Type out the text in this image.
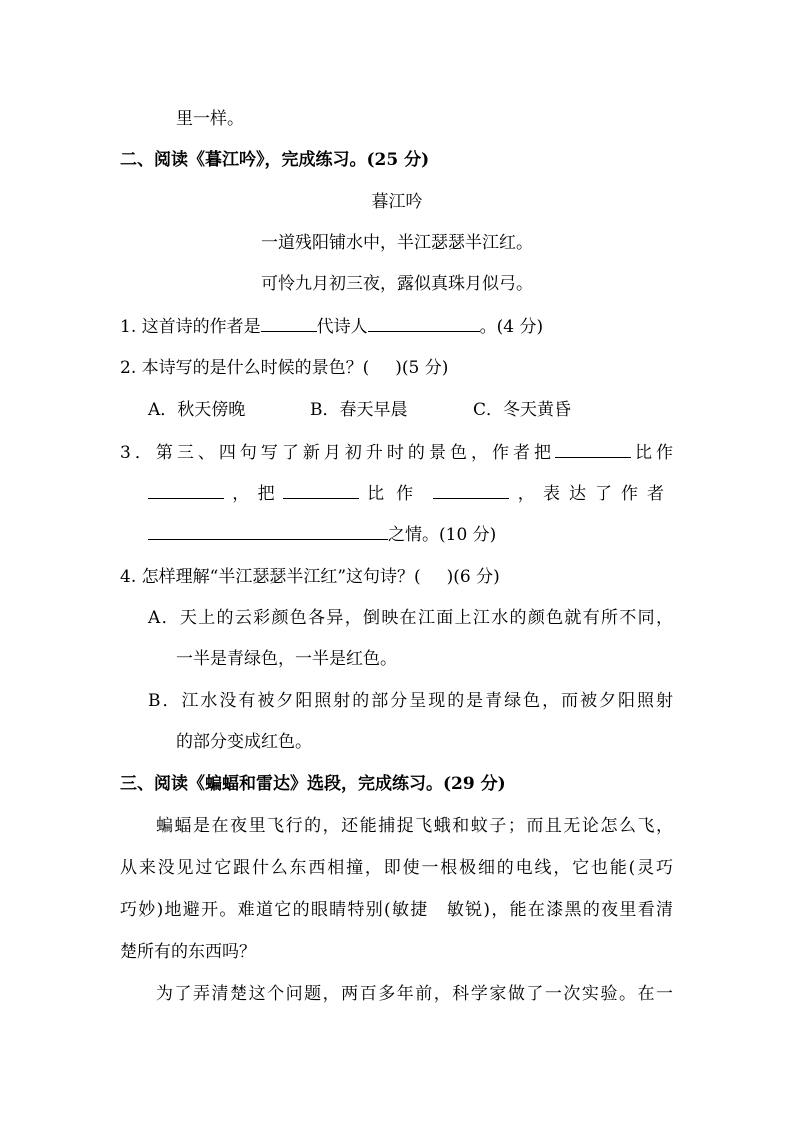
里一样。
二、阅读《暮江吟》，完成练习。(25 分)
暮江吟
一道残阳铺水中，半江瑟瑟半江红。
可怜九月初三夜，露似真珠月似弓。
1. 这首诗的作者是	代诗人	。(4 分)
2. 本诗写的是什么时候的景色？( )(5 分)
A．秋天傍晚	B．春天早晨	C．冬天黄昏
3．第三、四句写了新月初升时的景色，作者把	比作
， 把	比作	， 表达了作者
之情。(10 分)
4. 怎样理解“半江瑟瑟半江红”这句诗？( )(6 分)
A．天上的云彩颜色各异，倒映在江面上江水的颜色就有所不同，
一半是青绿色，一半是红色。
B．江水没有被夕阳照射的部分呈现的是青绿色，而被夕阳照射
的部分变成红色。
三、阅读《蝙蝠和雷达》选段，完成练习。(29 分)
蝙蝠是在夜里飞行的，还能捕捉飞蛾和蚊子；而且无论怎么飞，
从来没见过它跟什么东西相撞，即使一根极细的电线，它也能(灵巧
巧妙)地避开。难道它的眼睛特别(敏捷　敏锐)，能在漆黑的夜里看清
楚所有的东西吗？
为了弄清楚这个问题，两百多年前，科学家做了一次实验。在一
